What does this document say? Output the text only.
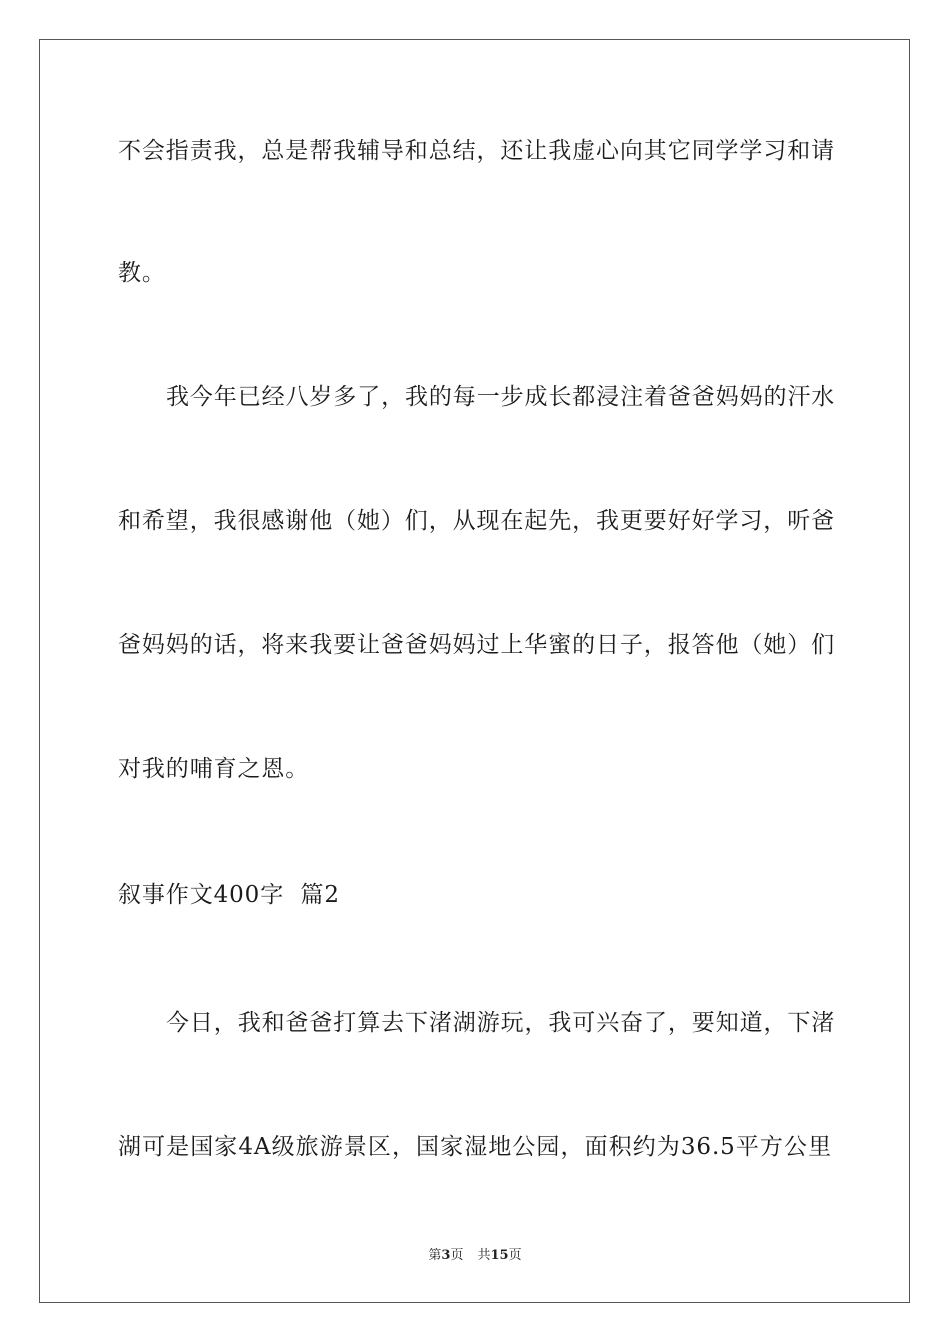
不会指责我，总是帮我辅导和总结，还让我虚心向其它同学学习和请
教。
我今年已经八岁多了，我的每一步成长都浸注着爸爸妈妈的汗水
和希望，我很感谢他（她）们，从现在起先，我更要好好学习，听爸
爸妈妈的话，将来我要让爸爸妈妈过上华蜜的日子，报答他（她）们
对我的哺育之恩。
叙事作文400字  篇2
今日，我和爸爸打算去下渚湖游玩，我可兴奋了，要知道，下渚
湖可是国家4A级旅游景区，国家湿地公园，面积约为36.5平方公里
第3页 共15页
